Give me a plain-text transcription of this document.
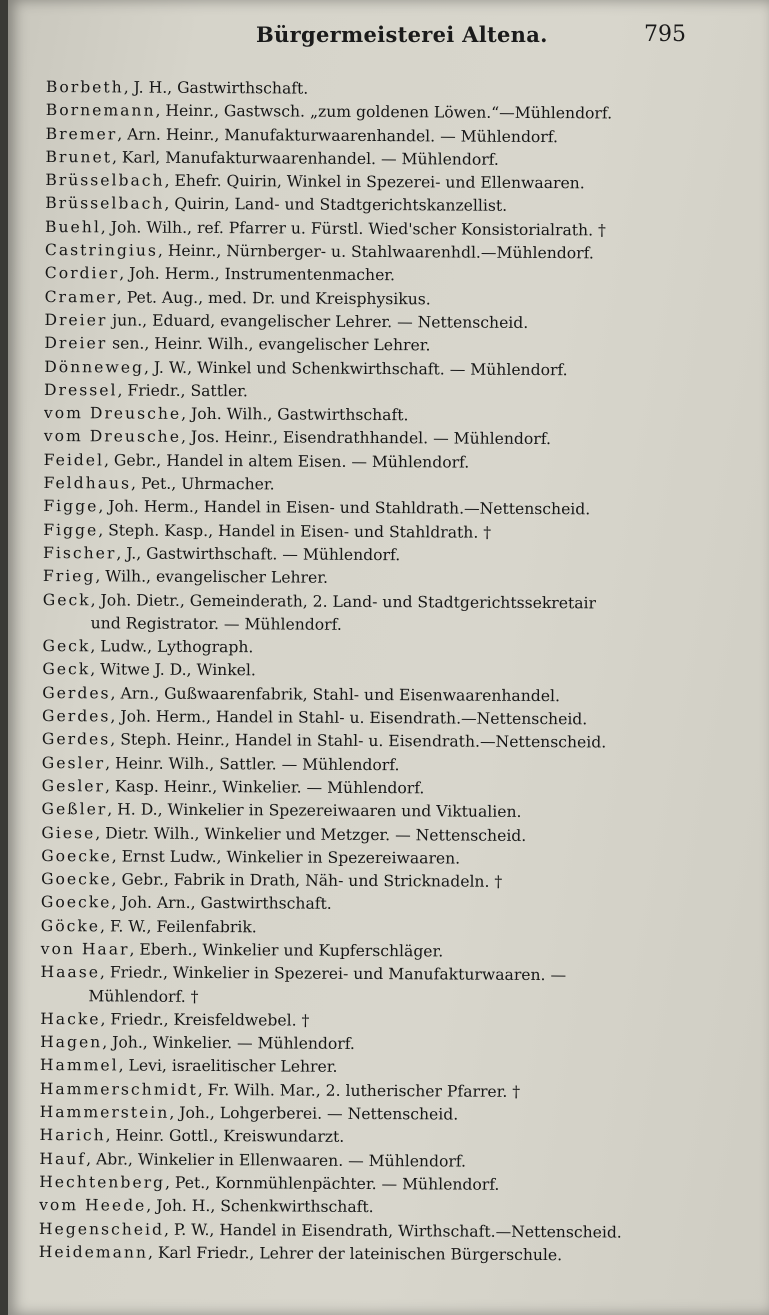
Bürgermeisterei Altena.	795
Borbeth, J. H., Gastwirthschaft.
Bornemann, Heinr., Gastwsch. „zum goldenen Löwen.“—Mühlendorf.
Bremer, Arn. Heinr., Manufakturwaarenhandel. — Mühlendorf.
Brunet, Karl, Manufakturwaarenhandel. — Mühlendorf.
Brüsselbach, Ehefr. Quirin, Winkel in Spezerei- und Ellenwaaren.
Brüsselbach, Quirin, Land- und Stadtgerichtskanzellist.
Buehl, Joh. Wilh., ref. Pfarrer u. Fürstl. Wied'scher Konsistorialrath. †
Castringius, Heinr., Nürnberger- u. Stahlwaarenhdl.—Mühlendorf.
Cordier, Joh. Herm., Instrumentenmacher.
Cramer, Pet. Aug., med. Dr. und Kreisphysikus.
Dreier jun., Eduard, evangelischer Lehrer. — Nettenscheid.
Dreier sen., Heinr. Wilh., evangelischer Lehrer.
Dönneweg, J. W., Winkel und Schenkwirthschaft. — Mühlendorf.
Dressel, Friedr., Sattler.
vom Dreusche, Joh. Wilh., Gastwirthschaft.
vom Dreusche, Jos. Heinr., Eisendrathhandel. — Mühlendorf.
Feidel, Gebr., Handel in altem Eisen. — Mühlendorf.
Feldhaus, Pet., Uhrmacher.
Figge, Joh. Herm., Handel in Eisen- und Stahldrath.—Nettenscheid.
Figge, Steph. Kasp., Handel in Eisen- und Stahldrath. †
Fischer, J., Gastwirthschaft. — Mühlendorf.
Frieg, Wilh., evangelischer Lehrer.
Geck, Joh. Dietr., Gemeinderath, 2. Land- und Stadtgerichtssekretair
und Registrator. — Mühlendorf.
Geck, Ludw., Lythograph.
Geck, Witwe J. D., Winkel.
Gerdes, Arn., Gußwaarenfabrik, Stahl- und Eisenwaarenhandel.
Gerdes, Joh. Herm., Handel in Stahl- u. Eisendrath.—Nettenscheid.
Gerdes, Steph. Heinr., Handel in Stahl- u. Eisendrath.—Nettenscheid.
Gesler, Heinr. Wilh., Sattler. — Mühlendorf.
Gesler, Kasp. Heinr., Winkelier. — Mühlendorf.
Geßler, H. D., Winkelier in Spezereiwaaren und Viktualien.
Giese, Dietr. Wilh., Winkelier und Metzger. — Nettenscheid.
Goecke, Ernst Ludw., Winkelier in Spezereiwaaren.
Goecke, Gebr., Fabrik in Drath, Näh- und Stricknadeln. †
Goecke, Joh. Arn., Gastwirthschaft.
Göcke, F. W., Feilenfabrik.
von Haar, Eberh., Winkelier und Kupferschläger.
Haase, Friedr., Winkelier in Spezerei- und Manufakturwaaren. —
Mühlendorf. †
Hacke, Friedr., Kreisfeldwebel. †
Hagen, Joh., Winkelier. — Mühlendorf.
Hammel, Levi, israelitischer Lehrer.
Hammerschmidt, Fr. Wilh. Mar., 2. lutherischer Pfarrer. †
Hammerstein, Joh., Lohgerberei. — Nettenscheid.
Harich, Heinr. Gottl., Kreiswundarzt.
Hauf, Abr., Winkelier in Ellenwaaren. — Mühlendorf.
Hechtenberg, Pet., Kornmühlenpächter. — Mühlendorf.
vom Heede, Joh. H., Schenkwirthschaft.
Hegenscheid, P. W., Handel in Eisendrath, Wirthschaft.—Nettenscheid.
Heidemann, Karl Friedr., Lehrer der lateinischen Bürgerschule.
